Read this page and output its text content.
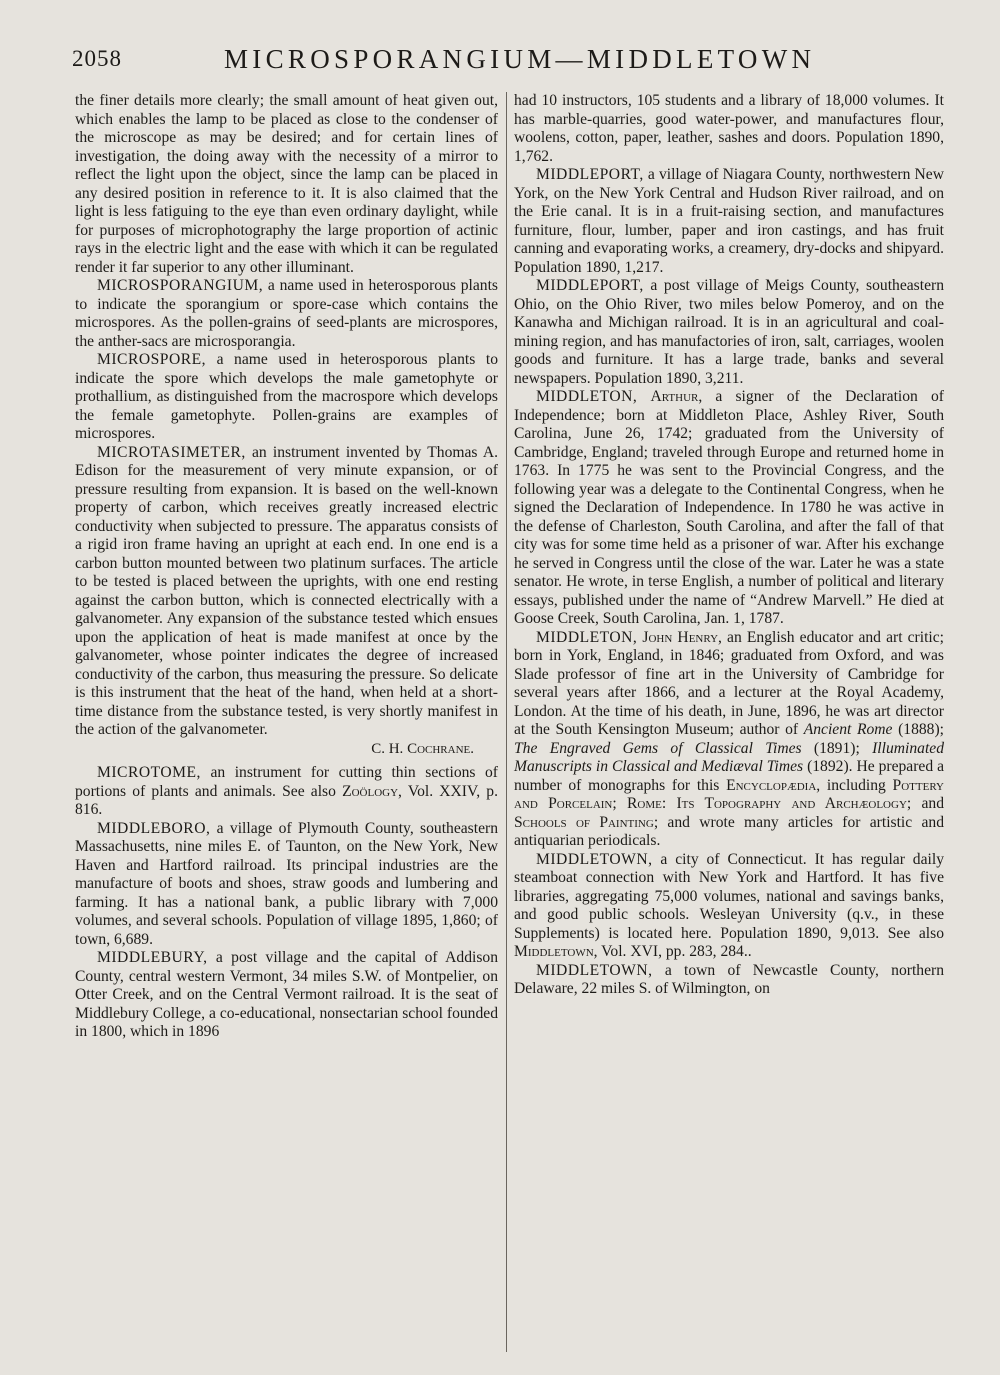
2058	MICROSPORANGIUM—MIDDLETOWN

the finer details more clearly; the small amount of heat given out, which enables the lamp to be placed as close to the condenser of the microscope as may be desired; and for certain lines of investigation, the doing away with the necessity of a mirror to reflect the light upon the object, since the lamp can be placed in any desired position in reference to it. It is also claimed that the light is less fatiguing to the eye than even ordinary daylight, while for purposes of microphotography the large proportion of actinic rays in the electric light and the ease with which it can be regulated render it far superior to any other illuminant.

MICROSPORANGIUM, a name used in heterosporous plants to indicate the sporangium or spore-case which contains the microspores. As the pollen-grains of seed-plants are microspores, the anther-sacs are microsporangia.

MICROSPORE, a name used in heterosporous plants to indicate the spore which develops the male gametophyte or prothallium, as distinguished from the macrospore which develops the female gametophyte. Pollen-grains are examples of microspores.

MICROTASIMETER, an instrument invented by Thomas A. Edison for the measurement of very minute expansion, or of pressure resulting from expansion. It is based on the well-known property of carbon, which receives greatly increased electric conductivity when subjected to pressure. The apparatus consists of a rigid iron frame having an upright at each end. In one end is a carbon button mounted between two platinum surfaces. The article to be tested is placed between the uprights, with one end resting against the carbon button, which is connected electrically with a galvanometer. Any expansion of the substance tested which ensues upon the application of heat is made manifest at once by the galvanometer, whose pointer indicates the degree of increased conductivity of the carbon, thus measuring the pressure. So delicate is this instrument that the heat of the hand, when held at a short-time distance from the substance tested, is very shortly manifest in the action of the galvanometer.

C. H. Cochrane.

MICROTOME, an instrument for cutting thin sections of portions of plants and animals. See also Zoölogy, Vol. XXIV, p. 816.

MIDDLEBORO, a village of Plymouth County, southeastern Massachusetts, nine miles E. of Taunton, on the New York, New Haven and Hartford railroad. Its principal industries are the manufacture of boots and shoes, straw goods and lumbering and farming. It has a national bank, a public library with 7,000 volumes, and several schools. Population of village 1895, 1,860; of town, 6,689.

MIDDLEBURY, a post village and the capital of Addison County, central western Vermont, 34 miles S.W. of Montpelier, on Otter Creek, and on the Central Vermont railroad. It is the seat of Middlebury College, a co-educational, nonsectarian school founded in 1800, which in 1896

had 10 instructors, 105 students and a library of 18,000 volumes. It has marble-quarries, good water-power, and manufactures flour, woolens, cotton, paper, leather, sashes and doors. Population 1890, 1,762.

MIDDLEPORT, a village of Niagara County, northwestern New York, on the New York Central and Hudson River railroad, and on the Erie canal. It is in a fruit-raising section, and manufactures furniture, flour, lumber, paper and iron castings, and has fruit canning and evaporating works, a creamery, dry-docks and shipyard. Population 1890, 1,217.

MIDDLEPORT, a post village of Meigs County, southeastern Ohio, on the Ohio River, two miles below Pomeroy, and on the Kanawha and Michigan railroad. It is in an agricultural and coal-mining region, and has manufactories of iron, salt, carriages, woolen goods and furniture. It has a large trade, banks and several newspapers. Population 1890, 3,211.

MIDDLETON, Arthur, a signer of the Declaration of Independence; born at Middleton Place, Ashley River, South Carolina, June 26, 1742; graduated from the University of Cambridge, England; traveled through Europe and returned home in 1763. In 1775 he was sent to the Provincial Congress, and the following year was a delegate to the Continental Congress, when he signed the Declaration of Independence. In 1780 he was active in the defense of Charleston, South Carolina, and after the fall of that city was for some time held as a prisoner of war. After his exchange he served in Congress until the close of the war. Later he was a state senator. He wrote, in terse English, a number of political and literary essays, published under the name of “Andrew Marvell.” He died at Goose Creek, South Carolina, Jan. 1, 1787.

MIDDLETON, John Henry, an English educator and art critic; born in York, England, in 1846; graduated from Oxford, and was Slade professor of fine art in the University of Cambridge for several years after 1866, and a lecturer at the Royal Academy, London. At the time of his death, in June, 1896, he was art director at the South Kensington Museum; author of Ancient Rome (1888); The Engraved Gems of Classical Times (1891); Illuminated Manuscripts in Classical and Mediæval Times (1892). He prepared a number of monographs for this Encyclopædia, including Pottery and Porcelain; Rome: Its Topography and Archæology; and Schools of Painting; and wrote many articles for artistic and antiquarian periodicals.

MIDDLETOWN, a city of Connecticut. It has regular daily steamboat connection with New York and Hartford. It has five libraries, aggregating 75,000 volumes, national and savings banks, and good public schools. Wesleyan University (q.v., in these Supplements) is located here. Population 1890, 9,013. See also Middletown, Vol. XVI, pp. 283, 284..

MIDDLETOWN, a town of Newcastle County, northern Delaware, 22 miles S. of Wilmington, on
